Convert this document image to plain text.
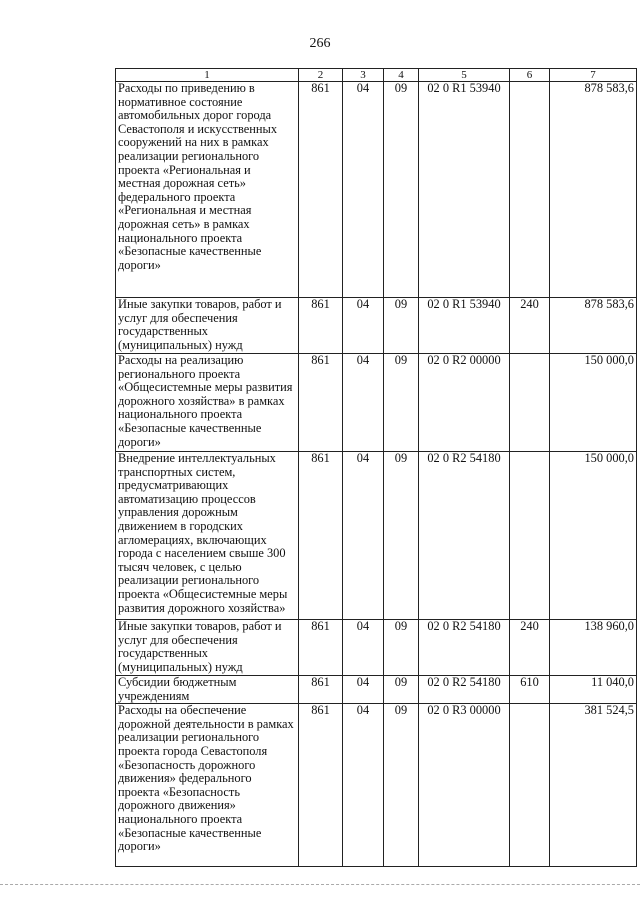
266
1	2	3	4	5	6	7
Расходы по приведению в нормативное состояние автомобильных дорог города Севастополя и искусственных сооружений на них в рамках реализации регионального проекта «Региональная и местная дорожная сеть» федерального проекта «Региональная и местная дорожная сеть» в рамках национального проекта «Безопасные качественные дороги»	861	04	09	02 0 R1 53940		878 583,6
Иные закупки товаров, работ и услуг для обеспечения государственных (муниципальных) нужд	861	04	09	02 0 R1 53940	240	878 583,6
Расходы на реализацию регионального проекта «Общесистемные меры развития дорожного хозяйства» в рамках национального проекта «Безопасные качественные дороги»	861	04	09	02 0 R2 00000		150 000,0
Внедрение интеллектуальных транспортных систем, предусматривающих автоматизацию процессов управления дорожным движением в городских агломерациях, включающих города с населением свыше 300 тысяч человек, с целью реализации регионального проекта «Общесистемные меры развития дорожного хозяйства»	861	04	09	02 0 R2 54180		150 000,0
Иные закупки товаров, работ и услуг для обеспечения государственных (муниципальных) нужд	861	04	09	02 0 R2 54180	240	138 960,0
Субсидии бюджетным учреждениям	861	04	09	02 0 R2 54180	610	11 040,0
Расходы на обеспечение дорожной деятельности в рамках реализации регионального проекта города Севастополя «Безопасность дорожного движения» федерального проекта «Безопасность дорожного движения» национального проекта «Безопасные качественные дороги»	861	04	09	02 0 R3 00000		381 524,5
